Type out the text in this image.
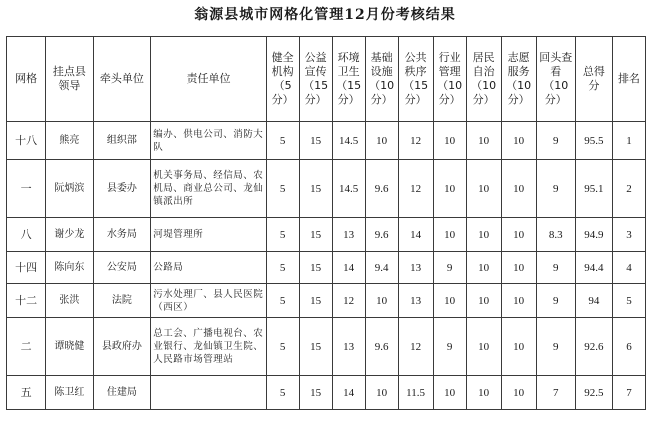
翁源县城市网格化管理12月份考核结果
网格	挂点县领导	牵头单位	责任单位	健全机构（5分）	公益宣传（15分）	环境卫生（15分）	基础设施（10分）	公共秩序（15分）	行业管理（10分）	居民自治（10分）	志愿服务（10分）	回头查看（10分）	总得分	排名
十八	熊亮	组织部	编办、供电公司、消防大队	5	15	14.5	10	12	10	10	10	9	95.5	1
一	阮炳滨	县委办	机关事务局、经信局、农机局、商业总公司、龙仙镇派出所	5	15	14.5	9.6	12	10	10	10	9	95.1	2
八	谢少龙	水务局	河堤管理所	5	15	13	9.6	14	10	10	10	8.3	94.9	3
十四	陈向东	公安局	公路局	5	15	14	9.4	13	9	10	10	9	94.4	4
十二	张洪	法院	污水处理厂、县人民医院（西区）	5	15	12	10	13	10	10	10	9	94	5
二	谭晓健	县政府办	总工会、广播电视台、农业银行、龙仙镇卫生院、人民路市场管理站	5	15	13	9.6	12	9	10	10	9	92.6	6
五	陈卫红	住建局		5	15	14	10	11.5	10	10	10	7	92.5	7
